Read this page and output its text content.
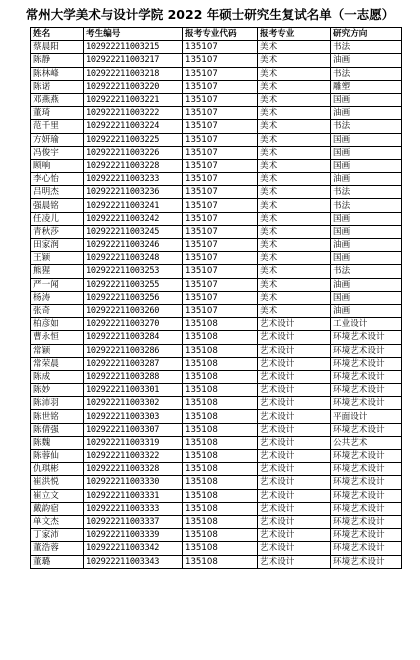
常州大学美术与设计学院 2022 年硕士研究生复试名单（一志愿）
姓名	考生编号	报考专业代码	报考专业	研究方向
蔡晨阳	102922211003215	135107	美术	书法
陈静	102922211003217	135107	美术	油画
陈林峰	102922211003218	135107	美术	书法
陈诺	102922211003220	135107	美术	雕塑
邓燕燕	102922211003221	135107	美术	国画
董琦	102922211003222	135107	美术	油画
范千里	102922211003224	135107	美术	书法
方妍瑜	102922211003225	135107	美术	国画
冯俊宇	102922211003226	135107	美术	国画
顾响	102922211003228	135107	美术	国画
李心怡	102922211003233	135107	美术	油画
吕明杰	102922211003236	135107	美术	书法
强晨铭	102922211003241	135107	美术	书法
任凌儿	102922211003242	135107	美术	国画
青秋莎	102922211003245	135107	美术	国画
田家润	102922211003246	135107	美术	油画
王颖	102922211003248	135107	美术	国画
熊猩	102922211003253	135107	美术	书法
严一闻	102922211003255	135107	美术	油画
杨涛	102922211003256	135107	美术	国画
张奇	102922211003260	135107	美术	油画
柏彦如	102922211003270	135108	艺术设计	工业设计
曹永恒	102922211003284	135108	艺术设计	环境艺术设计
常颖	102922211003286	135108	艺术设计	环境艺术设计
常荣晨	102922211003287	135108	艺术设计	环境艺术设计
陈成	102922211003288	135108	艺术设计	环境艺术设计
陈妙	102922211003301	135108	艺术设计	环境艺术设计
陈沛羽	102922211003302	135108	艺术设计	环境艺术设计
陈世铭	102922211003303	135108	艺术设计	平面设计
陈倩强	102922211003307	135108	艺术设计	环境艺术设计
陈魏	102922211003319	135108	艺术设计	公共艺术
陈蓉仙	102922211003322	135108	艺术设计	环境艺术设计
仇琪彬	102922211003328	135108	艺术设计	环境艺术设计
崔洪悦	102922211003330	135108	艺术设计	环境艺术设计
崔立文	102922211003331	135108	艺术设计	环境艺术设计
戴韵宿	102922211003333	135108	艺术设计	环境艺术设计
单文杰	102922211003337	135108	艺术设计	环境艺术设计
丁家沛	102922211003339	135108	艺术设计	环境艺术设计
董浩蓉	102922211003342	135108	艺术设计	环境艺术设计
董璐	102922211003343	135108	艺术设计	环境艺术设计
